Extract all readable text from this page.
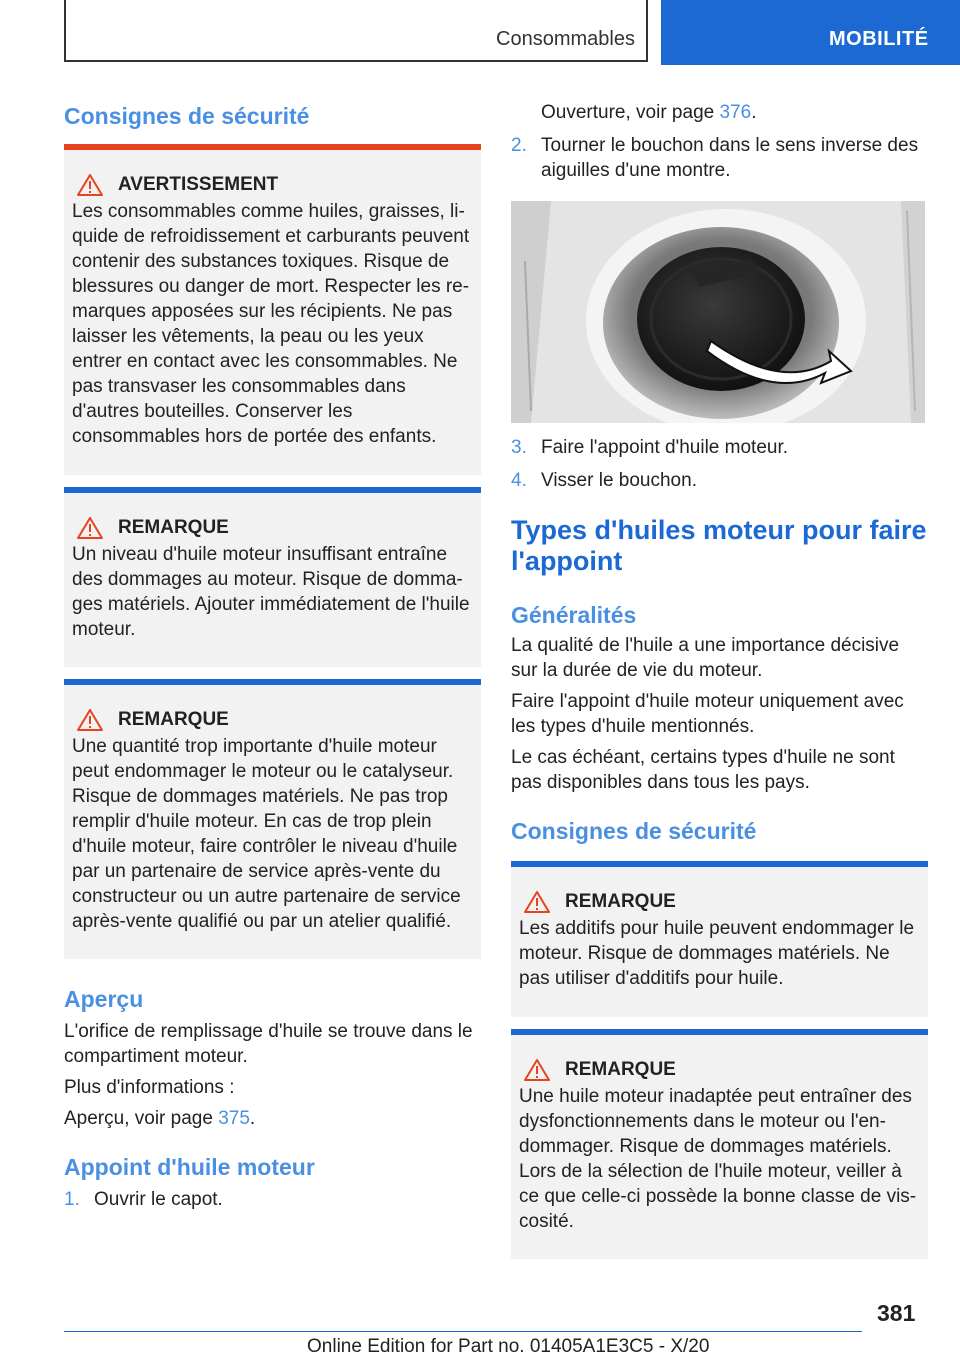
Consommables	MOBILITÉ
Consignes de sécurité
AVERTISSEMENT

Les consommables comme huiles, graisses, li-quide de refroidissement et carburants peuvent contenir des substances toxiques. Risque de blessures ou danger de mort. Respecter les re-marques apposées sur les récipients. Ne pas laisser les vêtements, la peau ou les yeux entrer en contact avec les consommables. Ne pas transvaser les consommables dans d'autres bouteilles. Conserver les consommables hors de portée des enfants.

REMARQUE

Un niveau d'huile moteur insuffisant entraîne des dommages au moteur. Risque de domma-ges matériels. Ajouter immédiatement de l'huile moteur.

REMARQUE

Une quantité trop importante d'huile moteur peut endommager le moteur ou le catalyseur. Risque de dommages matériels. Ne pas trop remplir d'huile moteur. En cas de trop plein d'huile moteur, faire contrôler le niveau d'huile par un partenaire de service après-vente du constructeur ou un autre partenaire de service après-vente qualifié ou par un atelier qualifié.

Aperçu

L'orifice de remplissage d'huile se trouve dans le compartiment moteur.

Plus d'informations :

Aperçu, voir page 375.

Appoint d'huile moteur
1. Ouvrir le capot.
Ouverture, voir page 376.
2. Tourner le bouchon dans le sens inverse des aiguilles d'une montre.
3. Faire l'appoint d'huile moteur.
4. Visser le bouchon.
Types d'huiles moteur pour faire l'appoint
Généralités

La qualité de l'huile a une importance décisive sur la durée de vie du moteur.

Faire l'appoint d'huile moteur uniquement avec les types d'huile mentionnés.

Le cas échéant, certains types d'huile ne sont pas disponibles dans tous les pays.

Consignes de sécurité
REMARQUE

Les additifs pour huile peuvent endommager le moteur. Risque de dommages matériels. Ne pas utiliser d'additifs pour huile.

REMARQUE

Une huile moteur inadaptée peut entraîner des dysfonctionnements dans le moteur ou l'en-dommager. Risque de dommages matériels. Lors de la sélection de l'huile moteur, veiller à ce que celle-ci possède la bonne classe de vis-cosité.

381
Online Edition for Part no. 01405A1E3C5 - X/20
